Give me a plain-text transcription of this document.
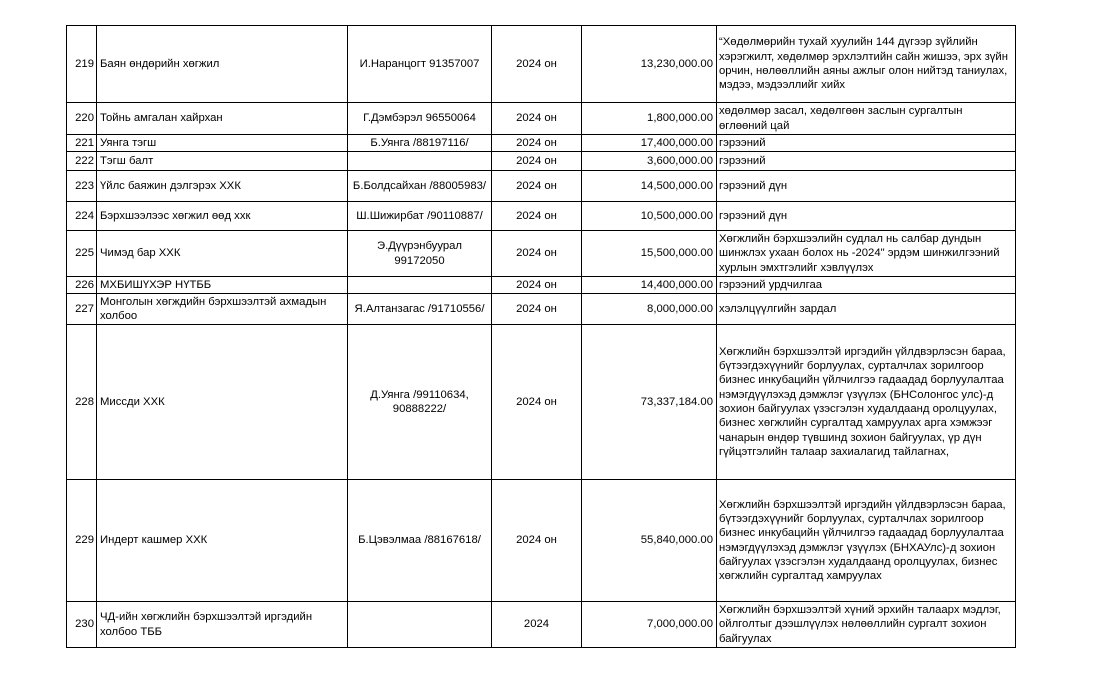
219	Баян өндөрийн хөгжил	И.Наранцогт 91357007	2024 он	13,230,000.00	“Хөдөлмөрийн тухай хуулийн 144 дүгээр зүйлийн хэрэгжилт, хөдөлмөр эрхлэлтийн сайн жишээ, эрх зүйн орчин, нөлөөллийн аяны ажлыг олон нийтэд таниулах, мэдээ, мэдээллийг хийх
220	Тойнь амгалан хайрхан	Г.Дэмбэрэл 96550064	2024 он	1,800,000.00	хөдөлмөр засал, хөдөлгөөн заслын сургалтын өглөөний цай
221	Уянга тэгш	Б.Уянга /88197116/	2024 он	17,400,000.00	гэрээний
222	Тэгш балт		2024 он	3,600,000.00	гэрээний
223	Үйлс баяжин дэлгэрэх ХХК	Б.Болдсайхан /88005983/	2024 он	14,500,000.00	гэрээний дүн
224	Бэрхшээлээс хөгжил өөд ххк	Ш.Шижирбат /90110887/	2024 он	10,500,000.00	гэрээний дүн
225	Чимэд бар ХХК	Э.Дүүрэнбуурал 99172050	2024 он	15,500,000.00	Хөгжлийн бэрхшээлийн судлал нь салбар дундын шинжлэх ухаан болох нь -2024" эрдэм шинжилгээний хурлын эмхтгэлийг хэвлүүлэх
226	МХБИШҮХЭР НҮТББ		2024 он	14,400,000.00	гэрээний урдчилгаа
227	Монголын хөгждийн бэрхшээлтэй ахмадын холбоо	Я.Алтанзагас /91710556/	2024 он	8,000,000.00	хэлэлцүүлгийн зардал
228	Миссди ХХК	Д.Уянга /99110634, 90888222/	2024 он	73,337,184.00	Хөгжлийн бэрхшээлтэй иргэдийн үйлдвэрлэсэн бараа, бүтээгдэхүүнийг борлуулах, сурталчлах зорилгоор бизнес инкубацийн үйлчилгээ гадаадад борлуулалтаа нэмэгдүүлэхэд дэмжлэг үзүүлэх (БНСолонгос улс)-д зохион байгуулах үзэсгэлэн худалдаанд оролцуулах, бизнес хөгжлийн сургалтад хамруулах арга хэмжээг чанарын өндөр түвшинд зохион байгуулах, үр дүн гүйцэтгэлийн талаар захиалагид тайлагнах,
229	Индерт кашмер ХХК	Б.Цэвэлмаа /88167618/	2024 он	55,840,000.00	Хөгжлийн бэрхшээлтэй иргэдийн үйлдвэрлэсэн бараа, бүтээгдэхүүнийг борлуулах, сурталчлах зорилгоор бизнес инкубацийн үйлчилгээ гадаадад борлуулалтаа нэмэгдүүлэхэд дэмжлэг үзүүлэх (БНХАУлс)-д зохион байгуулах үзэсгэлэн худалдаанд оролцуулах, бизнес хөгжлийн сургалтад хамруулах
230	ЧД-ийн хөгжлийн бэрхшээлтэй иргэдийн холбоо ТББ		2024	7,000,000.00	Хөгжлийн бэрхшээлтэй хүний эрхийн талаарх мэдлэг, ойлголтыг дээшлүүлэх нөлөөллийн сургалт зохион байгуулах
